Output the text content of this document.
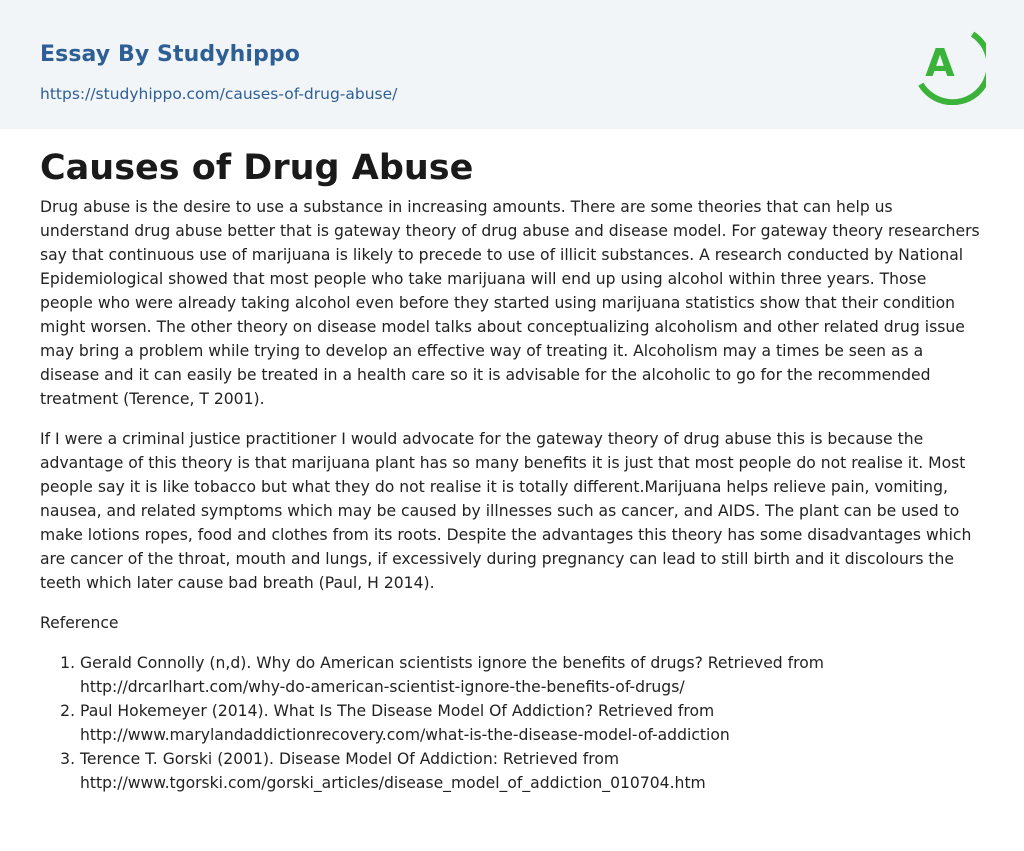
Essay By Studyhippo
https://studyhippo.com/causes-of-drug-abuse/
A
Causes of Drug Abuse

Drug abuse is the desire to use a substance in increasing amounts. There are some theories that can help us understand drug abuse better that is gateway theory of drug abuse and disease model. For gateway theory researchers say that continuous use of marijuana is likely to precede to use of illicit substances. A research conducted by National Epidemiological showed that most people who take marijuana will end up using alcohol within three years. Those people who were already taking alcohol even before they started using marijuana statistics show that their condition might worsen. The other theory on disease model talks about conceptualizing alcoholism and other related drug issue may bring a problem while trying to develop an effective way of treating it. Alcoholism may a times be seen as a disease and it can easily be treated in a health care so it is advisable for the alcoholic to go for the recommended treatment (Terence, T 2001).

If I were a criminal justice practitioner I would advocate for the gateway theory of drug abuse this is because the advantage of this theory is that marijuana plant has so many benefits it is just that most people do not realise it. Most people say it is like tobacco but what they do not realise it is totally different.Marijuana helps relieve pain, vomiting, nausea, and related symptoms which may be caused by illnesses such as cancer, and AIDS. The plant can be used to make lotions ropes, food and clothes from its roots. Despite the advantages this theory has some disadvantages which are cancer of the throat, mouth and lungs, if excessively during pregnancy can lead to still birth and it discolours the teeth which later cause bad breath (Paul, H 2014).

Reference

1. Gerald Connolly (n,d). Why do American scientists ignore the benefits of drugs? Retrieved from http://drcarlhart.com/why-do-american-scientist-ignore-the-benefits-of-drugs/
2. Paul Hokemeyer (2014). What Is The Disease Model Of Addiction? Retrieved from http://www.marylandaddictionrecovery.com/what-is-the-disease-model-of-addiction
3. Terence T. Gorski (2001). Disease Model Of Addiction: Retrieved from http://www.tgorski.com/gorski_articles/disease_model_of_addiction_010704.htm
